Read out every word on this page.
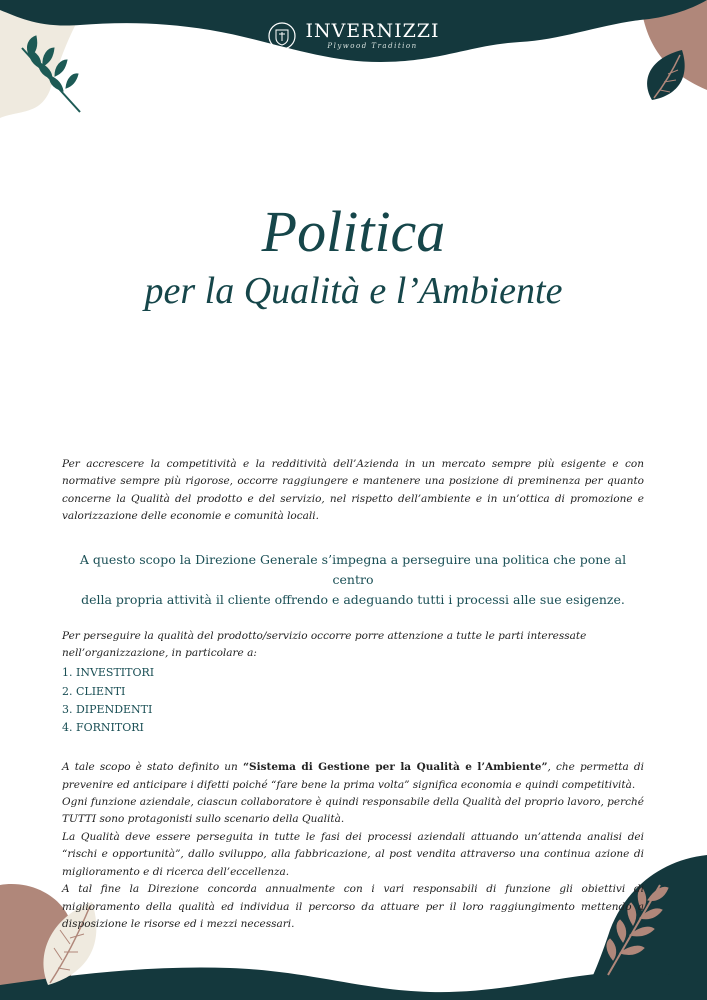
INVERNIZZI
Plywood Tradition
Politica
per la Qualità e l’Ambiente
Per accrescere la competitività e la redditività dell’Azienda in un mercato sempre più esigente e con normative sempre più rigorose, occorre raggiungere e mantenere una posizione di preminenza per quanto concerne la Qualità del prodotto e del servizio, nel rispetto dell’ambiente e in un’ottica di promozione e valorizzazione delle economie e comunità locali.
A questo scopo la Direzione Generale s’impegna a perseguire una politica che pone al centro
della propria attività il cliente offrendo e adeguando tutti i processi alle sue esigenze.
Per perseguire la qualità del prodotto/servizio occorre porre attenzione a tutte le parti interessate nell’organizzazione, in particolare a:
1. INVESTITORI
2. CLIENTI
3. DIPENDENTI
4. FORNITORI
A tale scopo è stato definito un “Sistema di Gestione per la Qualità e l’Ambiente”, che permetta di prevenire ed anticipare i difetti poiché “fare bene la prima volta” significa economia e quindi competitività.
Ogni funzione aziendale, ciascun collaboratore è quindi responsabile della Qualità del proprio lavoro, perché TUTTI sono protagonisti sullo scenario della Qualità.
La Qualità deve essere perseguita in tutte le fasi dei processi aziendali attuando un’attenda analisi dei “rischi e opportunità”, dallo sviluppo, alla fabbricazione, al post vendita attraverso una continua azione di miglioramento e di ricerca dell’eccellenza.
A tal fine la Direzione concorda annualmente con i vari responsabili di funzione gli obiettivi di miglioramento della qualità ed individua il percorso da attuare per il loro raggiungimento mettendo a disposizione le risorse ed i mezzi necessari.
